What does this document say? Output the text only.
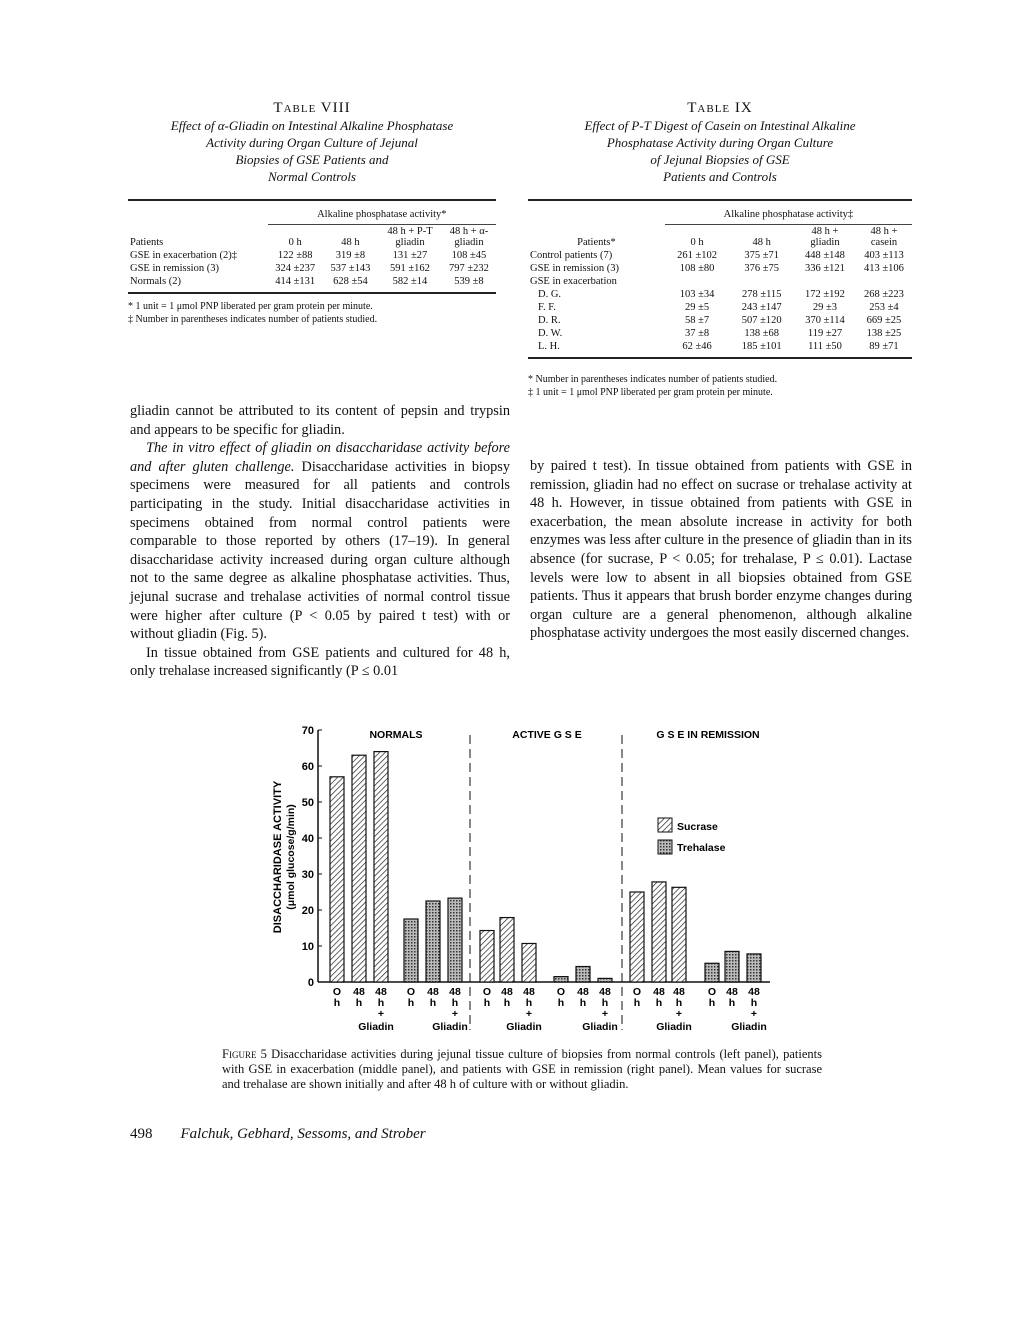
Table VIII
Effect of α-Gliadin on Intestinal Alkaline Phosphatase
Activity during Organ Culture of Jejunal
Biopsies of GSE Patients and
Normal Controls
	Alkaline phosphatase activity*			
Patients	0 h	48 h	48 h + P-T gliadin	48 h + α-gliadin
GSE in exacerbation (2)‡	122 ±88	319 ±8	131 ±27	108 ±45
GSE in remission (3)	324 ±237	537 ±143	591 ±162	797 ±232
Normals (2)	414 ±131	628 ±54	582 ±14	539 ±8
* 1 unit = 1 μmol PNP liberated per gram protein per minute.
‡ Number in parentheses indicates number of patients studied.
Table IX
Effect of P-T Digest of Casein on Intestinal Alkaline
Phosphatase Activity during Organ Culture
of Jejunal Biopsies of GSE
Patients and Controls
	Alkaline phosphatase activity‡			
Patients*	0 h	48 h	48 h + gliadin	48 h + casein
Control patients (7)	261 ±102	375 ±71	448 ±148	403 ±113
GSE in remission (3)	108 ±80	376 ±75	336 ±121	413 ±106
GSE in exacerbation				
D. G.	103 ±34	278 ±115	172 ±192	268 ±223
F. F.	29 ±5	243 ±147	29 ±3	253 ±4
D. R.	58 ±7	507 ±120	370 ±114	669 ±25
D. W.	37 ±8	138 ±68	119 ±27	138 ±25
L. H.	62 ±46	185 ±101	111 ±50	89 ±71
* Number in parentheses indicates number of patients studied.
‡ 1 unit = 1 μmol PNP liberated per gram protein per minute.

gliadin cannot be attributed to its content of pepsin and trypsin and appears to be specific for gliadin.

The in vitro effect of gliadin on disaccharidase activity before and after gluten challenge. Disaccharidase activities in biopsy specimens were measured for all patients and controls participating in the study. Initial disaccharidase activities in specimens obtained from normal control patients were comparable to those reported by others (17–19). In general disaccharidase activity increased during organ culture although not to the same degree as alkaline phosphatase activities. Thus, jejunal sucrase and trehalase activities of normal control tissue were higher after culture (P < 0.05 by paired t test) with or without gliadin (Fig. 5).

In tissue obtained from GSE patients and cultured for 48 h, only trehalase increased significantly (P ≤ 0.01

by paired t test). In tissue obtained from patients with GSE in remission, gliadin had no effect on sucrase or trehalase activity at 48 h. However, in tissue obtained from patients with GSE in exacerbation, the mean absolute increase in activity for both enzymes was less after culture in the presence of gliadin than in its absence (for sucrase, P < 0.05; for trehalase, P ≤ 0.01). Lactase levels were low to absent in all biopsies obtained from GSE patients. Thus it appears that brush border enzyme changes during organ culture are a general phenomenon, although alkaline phosphatase activity undergoes the most easily discerned changes.

0
10
20
30
40
50
60
70
DISACCHARIDASE ACTIVITY (μmol glucose/g/min)
NORMALS
O
h
48
h
48
h
+
Gliadin
O
h
48
h
48
h
+
Gliadin
ACTIVE G S E
O
h
48
h
48
h
+
Gliadin
O
h
48
h
48
h
+
Gliadin
G S E IN REMISSION
O
h
48
h
48
h
+
Gliadin
O
h
48
h
48
h
+
Gliadin
Sucrase
Trehalase
Figure 5 Disaccharidase activities during jejunal tissue culture of biopsies from normal controls (left panel), patients with GSE in exacerbation (middle panel), and patients with GSE in remission (right panel). Mean values for sucrase and trehalase are shown initially and after 48 h of culture with or without gliadin.
498 Falchuk, Gebhard, Sessoms, and Strober
